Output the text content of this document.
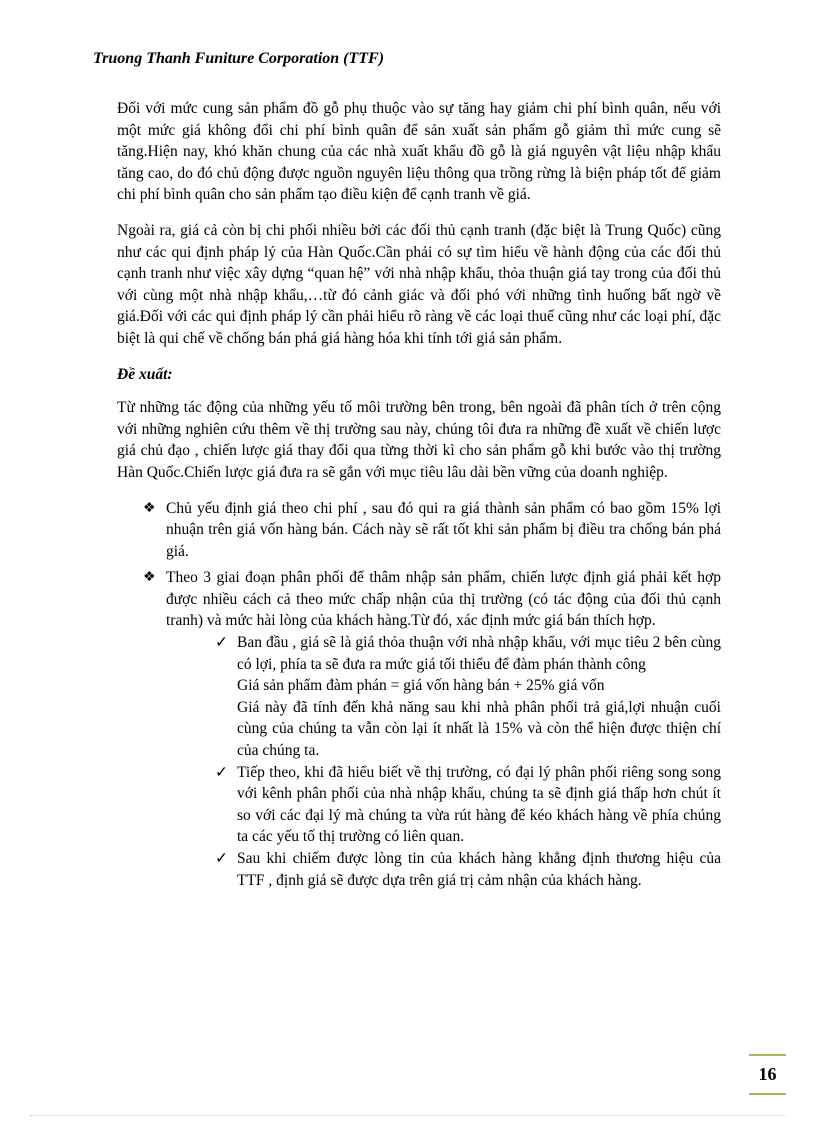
Truong Thanh Funiture Corporation (TTF)

Đối với mức cung sản phẩm đồ gỗ phụ thuộc vào sự tăng hay giảm chi phí bình quân, nếu với một mức giá không đổi chi phí bình quân để sản xuất sản phẩm gỗ giảm thì mức cung sẽ tăng.Hiện nay, khó khăn chung của các nhà xuất khẩu đồ gỗ là giá nguyên vật liệu nhập khẩu tăng cao, do đó chủ động được nguồn nguyên liệu thông qua trồng rừng là biện pháp tốt để giảm chi phí bình quân cho sản phẩm tạo điều kiện để cạnh tranh về giá.

Ngoài ra, giá cả còn bị chi phối nhiều bởi các đối thủ cạnh tranh (đặc biệt là Trung Quốc) cũng như các qui định pháp lý của Hàn Quốc.Cần phải có sự tìm hiểu về hành động của các đối thủ cạnh tranh như việc xây dựng “quan hệ” với nhà nhập khẩu, thỏa thuận giá tay trong của đối thủ với cùng một nhà nhập khẩu,…từ đó cảnh giác và đối phó với những tình huống bất ngờ về giá.Đối với các qui định pháp lý cần phải hiểu rõ ràng về các loại thuế cũng như các loại phí, đặc biệt là qui chế về chống bán phá giá hàng hóa khi tính tới giá sản phẩm.

Đề xuất:

Từ những tác động của những yếu tố môi trường bên trong, bên ngoài đã phân tích ở trên cộng với những nghiên cứu thêm về thị trường sau này, chúng tôi đưa ra những đề xuất về chiến lược giá chủ đạo , chiến lược giá thay đổi qua từng thời kì cho sản phẩm gỗ khi bước vào thị trường Hàn Quốc.Chiến lược giá đưa ra sẽ gắn với mục tiêu lâu dài bền vững của doanh nghiệp.

❖ Chủ yếu định giá theo chi phí , sau đó qui ra giá thành sản phẩm có bao gồm 15% lợi nhuận trên giá vốn hàng bán. Cách này sẽ rất tốt khi sản phẩm bị điều tra chống bán phá giá.
❖ Theo 3 giai đoạn phân phối để thâm nhập sản phẩm, chiến lược định giá phải kết hợp được nhiều cách cả theo mức chấp nhận của thị trường (có tác động của đối thủ cạnh tranh) và mức hài lòng của khách hàng.Từ đó, xác định mức giá bán thích hợp.
✓ Ban đầu , giá sẽ là giá thỏa thuận với nhà nhập khẩu, với mục tiêu 2 bên cùng có lợi, phía ta sẽ đưa ra mức giá tối thiểu để đàm phán thành công
Giá sản phẩm đàm phán = giá vốn hàng bán + 25% giá vốn
Giá này đã tính đến khả năng sau khi nhà phân phối trả giá,lợi nhuận cuối cùng của chúng ta vẫn còn lại ít nhất là 15% và còn thể hiện được thiện chí của chúng ta.
✓ Tiếp theo, khi đã hiểu biết về thị trường, có đại lý phân phối riêng song song với kênh phân phối của nhà nhập khẩu, chúng ta sẽ định giá thấp hơn chút ít so với các đại lý mà chúng ta vừa rút hàng để kéo khách hàng về phía chúng ta các yếu tố thị trường có liên quan.
✓ Sau khi chiếm được lòng tin của khách hàng khẳng định thương hiệu của TTF , định giá sẽ được dựa trên giá trị cảm nhận của khách hàng.
16
